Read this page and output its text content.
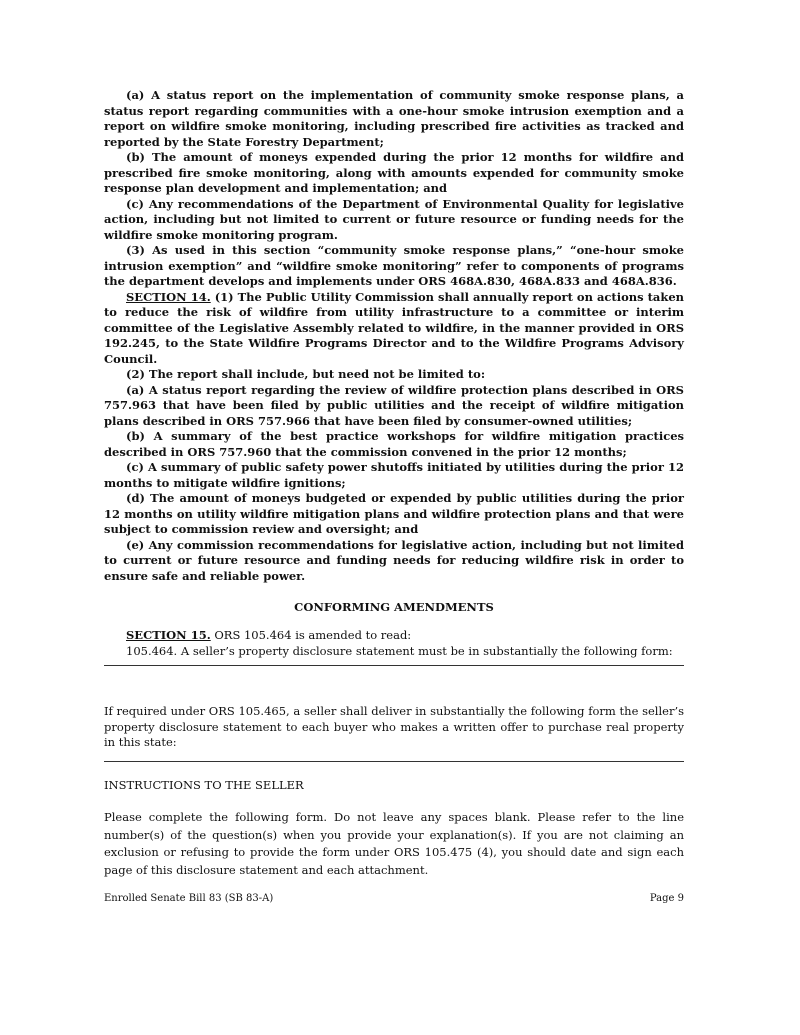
(a) A status report on the implementation of community smoke response plans, a status report regarding communities with a one-hour smoke intrusion exemption and a report on wildfire smoke monitoring, including prescribed fire activities as tracked and reported by the State Forestry Department;

(b) The amount of moneys expended during the prior 12 months for wildfire and prescribed fire smoke monitoring, along with amounts expended for community smoke response plan development and implementation; and

(c) Any recommendations of the Department of Environmental Quality for legislative action, including but not limited to current or future resource or funding needs for the wildfire smoke monitoring program.

(3) As used in this section “community smoke response plans,” “one-hour smoke intrusion exemption” and “wildfire smoke monitoring” refer to components of programs the department develops and implements under ORS 468A.830, 468A.833 and 468A.836.

SECTION 14. (1) The Public Utility Commission shall annually report on actions taken to reduce the risk of wildfire from utility infrastructure to a committee or interim committee of the Legislative Assembly related to wildfire, in the manner provided in ORS 192.245, to the State Wildfire Programs Director and to the Wildfire Programs Advisory Council.

(2) The report shall include, but need not be limited to:

(a) A status report regarding the review of wildfire protection plans described in ORS 757.963 that have been filed by public utilities and the receipt of wildfire mitigation plans described in ORS 757.966 that have been filed by consumer-owned utilities;

(b) A summary of the best practice workshops for wildfire mitigation practices described in ORS 757.960 that the commission convened in the prior 12 months;

(c) A summary of public safety power shutoffs initiated by utilities during the prior 12 months to mitigate wildfire ignitions;

(d) The amount of moneys budgeted or expended by public utilities during the prior 12 months on utility wildfire mitigation plans and wildfire protection plans and that were subject to commission review and oversight; and

(e) Any commission recommendations for legislative action, including but not limited to current or future resource and funding needs for reducing wildfire risk in order to ensure safe and reliable power.

CONFORMING AMENDMENTS

SECTION 15. ORS 105.464 is amended to read:

105.464. A seller’s property disclosure statement must be in substantially the following form:

If required under ORS 105.465, a seller shall deliver in substantially the following form the seller’s property disclosure statement to each buyer who makes a written offer to purchase real property in this state:

INSTRUCTIONS TO THE SELLER

Please complete the following form. Do not leave any spaces blank. Please refer to the line number(s) of the question(s) when you provide your explanation(s). If you are not claiming an exclusion or refusing to provide the form under ORS 105.475 (4), you should date and sign each page of this disclosure statement and each attachment.

Enrolled Senate Bill 83 (SB 83-A)	Page 9
